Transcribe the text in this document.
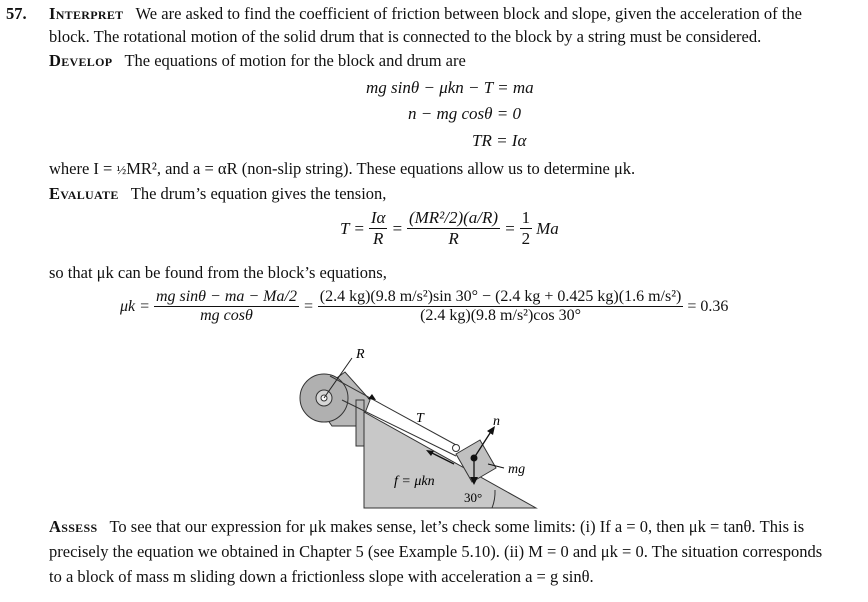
57. Interpret We are asked to find the coefficient of friction between block and slope, given the acceleration of the
block. The rotational motion of the solid drum that is connected to the block by a string must be considered.
Develop The equations of motion for the block and drum are
mg sinθ − μkn − T = ma
n − mg cosθ = 0
TR = Iα
where I = ½MR², and a = αR (non-slip string). These equations allow us to determine μk.
Evaluate The drum’s equation gives the tension,
$T = \frac{I\alpha}{R} = \frac{\text{(MR²/2)(a/R)}}{R} = \frac{1}{2}$ Ma
so that μk can be found from the block’s equations,
$\mu k = \frac{\text{mg sinθ − ma − Ma/2}}{\text{mg cosθ}} = \frac{\text{(2.4 kg)(9.8 m/s²)sin 30° − (2.4 kg + 0.425 kg)(1.6 m/s²)}}{\text{(2.4 kg)(9.8 m/s²)cos 30°}} = 0.36$
R
T	n
mg
f = μkn
30°
Assess To see that our expression for μk makes sense, let’s check some limits: (i) If a = 0, then μk = tanθ. This is
precisely the equation we obtained in Chapter 5 (see Example 5.10). (ii) M = 0 and μk = 0. The situation corresponds
to a block of mass m sliding down a frictionless slope with acceleration a = g sinθ.
